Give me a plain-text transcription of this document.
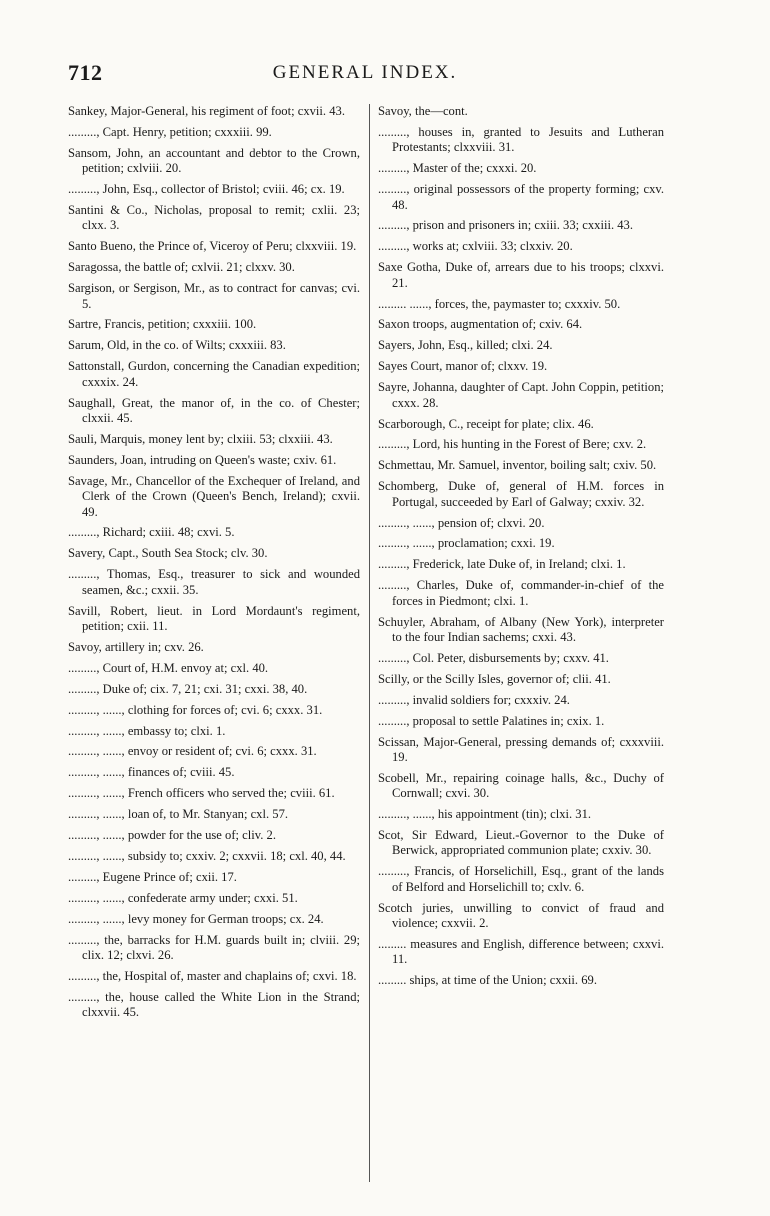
712	GENERAL INDEX.

Sankey, Major-General, his regiment of foot; cxvii. 43.

........., Capt. Henry, petition; cxxxiii. 99.

Sansom, John, an accountant and debtor to the Crown, petition; cxlviii. 20.

........., John, Esq., collector of Bristol; cviii. 46; cx. 19.

Santini & Co., Nicholas, proposal to remit; cxlii. 23; clxx. 3.

Santo Bueno, the Prince of, Viceroy of Peru; clxxviii. 19.

Saragossa, the battle of; cxlvii. 21; clxxv. 30.

Sargison, or Sergison, Mr., as to contract for canvas; cvi. 5.

Sartre, Francis, petition; cxxxiii. 100.

Sarum, Old, in the co. of Wilts; cxxxiii. 83.

Sattonstall, Gurdon, concerning the Canadian expedition; cxxxix. 24.

Saughall, Great, the manor of, in the co. of Chester; clxxii. 45.

Sauli, Marquis, money lent by; clxiii. 53; clxxiii. 43.

Saunders, Joan, intruding on Queen's waste; cxiv. 61.

Savage, Mr., Chancellor of the Exchequer of Ireland, and Clerk of the Crown (Queen's Bench, Ireland); cxvii. 49.

........., Richard; cxiii. 48; cxvi. 5.

Savery, Capt., South Sea Stock; clv. 30.

........., Thomas, Esq., treasurer to sick and wounded seamen, &c.; cxxii. 35.

Savill, Robert, lieut. in Lord Mordaunt's regiment, petition; cxii. 11.

Savoy, artillery in; cxv. 26.

........., Court of, H.M. envoy at; cxl. 40.

........., Duke of; cix. 7, 21; cxi. 31; cxxi. 38, 40.

........., ......, clothing for forces of; cvi. 6; cxxx. 31.

........., ......, embassy to; clxi. 1.

........., ......, envoy or resident of; cvi. 6; cxxx. 31.

........., ......, finances of; cviii. 45.

........., ......, French officers who served the; cviii. 61.

........., ......, loan of, to Mr. Stanyan; cxl. 57.

........., ......, powder for the use of; cliv. 2.

........., ......, subsidy to; cxxiv. 2; cxxvii. 18; cxl. 40, 44.

........., Eugene Prince of; cxii. 17.

........., ......, confederate army under; cxxi. 51.

........., ......, levy money for German troops; cx. 24.

........., the, barracks for H.M. guards built in; clviii. 29; clix. 12; clxvi. 26.

........., the, Hospital of, master and chaplains of; cxvi. 18.

........., the, house called the White Lion in the Strand; clxxvii. 45.

Savoy, the—cont.

........., houses in, granted to Jesuits and Lutheran Protestants; clxxviii. 31.

........., Master of the; cxxxi. 20.

........., original possessors of the property forming; cxv. 48.

........., prison and prisoners in; cxiii. 33; cxxiii. 43.

........., works at; cxlviii. 33; clxxiv. 20.

Saxe Gotha, Duke of, arrears due to his troops; clxxvi. 21.

......... ......, forces, the, paymaster to; cxxxiv. 50.

Saxon troops, augmentation of; cxiv. 64.

Sayers, John, Esq., killed; clxi. 24.

Sayes Court, manor of; clxxv. 19.

Sayre, Johanna, daughter of Capt. John Coppin, petition; cxxx. 28.

Scarborough, C., receipt for plate; clix. 46.

........., Lord, his hunting in the Forest of Bere; cxv. 2.

Schmettau, Mr. Samuel, inventor, boiling salt; cxiv. 50.

Schomberg, Duke of, general of H.M. forces in Portugal, succeeded by Earl of Galway; cxxiv. 32.

........., ......, pension of; clxvi. 20.

........., ......, proclamation; cxxi. 19.

........., Frederick, late Duke of, in Ireland; clxi. 1.

........., Charles, Duke of, commander-in-chief of the forces in Piedmont; clxi. 1.

Schuyler, Abraham, of Albany (New York), interpreter to the four Indian sachems; cxxi. 43.

........., Col. Peter, disbursements by; cxxv. 41.

Scilly, or the Scilly Isles, governor of; clii. 41.

........., invalid soldiers for; cxxxiv. 24.

........., proposal to settle Palatines in; cxix. 1.

Scissan, Major-General, pressing demands of; cxxxviii. 19.

Scobell, Mr., repairing coinage halls, &c., Duchy of Cornwall; cxvi. 30.

........., ......, his appointment (tin); clxi. 31.

Scot, Sir Edward, Lieut.-Governor to the Duke of Berwick, appropriated communion plate; cxxiv. 30.

........., Francis, of Horselichill, Esq., grant of the lands of Belford and Horselichill to; cxlv. 6.

Scotch juries, unwilling to convict of fraud and violence; cxxvii. 2.

......... measures and English, difference between; cxxvi. 11.

......... ships, at time of the Union; cxxii. 69.
